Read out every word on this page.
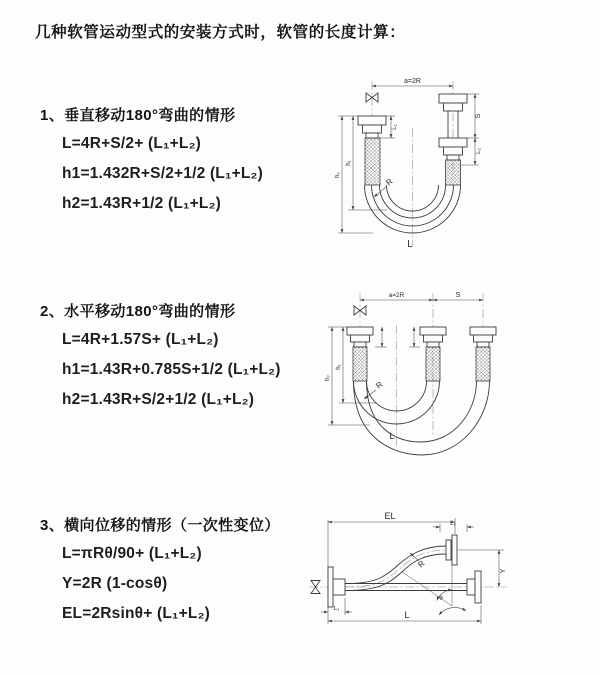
几种软管运动型式的安装方式时，软管的长度计算：
1、垂直移动180°弯曲的情形
L=4R+S/2+ (L₁+L₂)
h1=1.432R+S/2+1/2 (L₁+L₂)
h2=1.43R+1/2 (L₁+L₂)
2、水平移动180°弯曲的情形
L=4R+1.57S+ (L₁+L₂)
h1=1.43R+0.785S+1/2 (L₁+L₂)
h2=1.43R+S/2+1/2 (L₁+L₂)
3、横向位移的情形（一次性变位）
L=πRθ/90+ (L₁+L₂)
Y=2R (1-cosθ)
EL=2Rsinθ+ (L₁+L₂)
a=2R
L₁
S
L₂
h₁
h₂
R
L
a=2R	S
h₁
h₂
R
L
EL
L₂
L₁
R
Y
θ
L
